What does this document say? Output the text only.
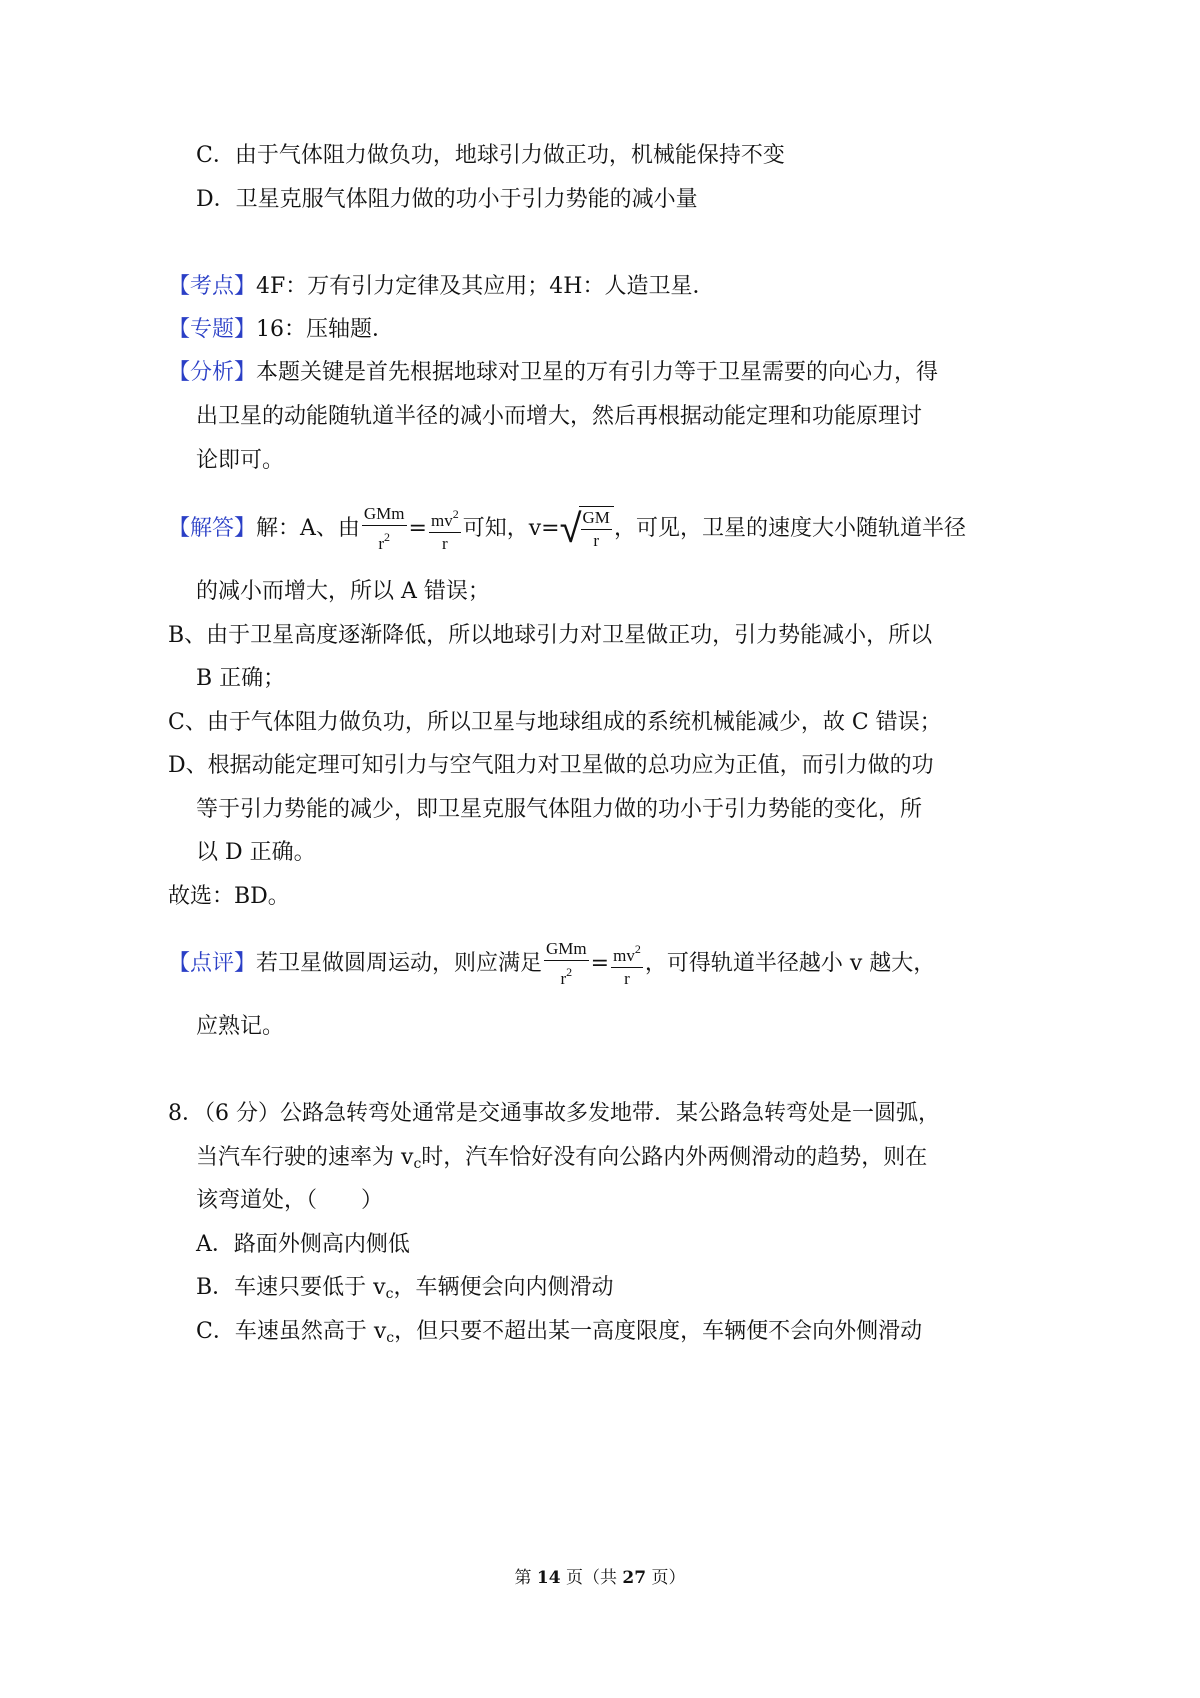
C．由于气体阻力做负功，地球引力做正功，机械能保持不变
D．卫星克服气体阻力做的功小于引力势能的减小量
【考点】4F：万有引力定律及其应用；4H：人造卫星．
【专题】16：压轴题．
【分析】本题关键是首先根据地球对卫星的万有引力等于卫星需要的向心力，得
出卫星的动能随轨道半径的减小而增大，然后再根据动能定理和功能原理讨
论即可。
【解答】解：A、由 $\frac{\text{GMm}}{r^2} = \frac{mv^2}{r}$ 可知，$v=√ \frac{GM}{r}$ ，可见，卫星的速度大小随轨道半径
的减小而增大，所以 A 错误；
B、由于卫星高度逐渐降低，所以地球引力对卫星做正功，引力势能减小，所以
B 正确；
C、由于气体阻力做负功，所以卫星与地球组成的系统机械能减少，故 C 错误；
D、根据动能定理可知引力与空气阻力对卫星做的总功应为正值，而引力做的功
等于引力势能的减少，即卫星克服气体阻力做的功小于引力势能的变化，所
以 D 正确。
故选：BD。
【点评】若卫星做圆周运动，则应满足 $\frac{\text{GMm}}{r^2} = \frac{mv^2}{r}$ ，可得轨道半径越小 v 越大，
应熟记。
8．（6 分）公路急转弯处通常是交通事故多发地带．某公路急转弯处是一圆弧，
当汽车行驶的速率为 $v_c$时，汽车恰好没有向公路内外两侧滑动的趋势，则在
该弯道处，（　　）
A．路面外侧高内侧低
B．车速只要低于 $v_c$，车辆便会向内侧滑动
C．车速虽然高于 $v_c$，但只要不超出某一高度限度，车辆便不会向外侧滑动
第 14 页（共 27 页）
